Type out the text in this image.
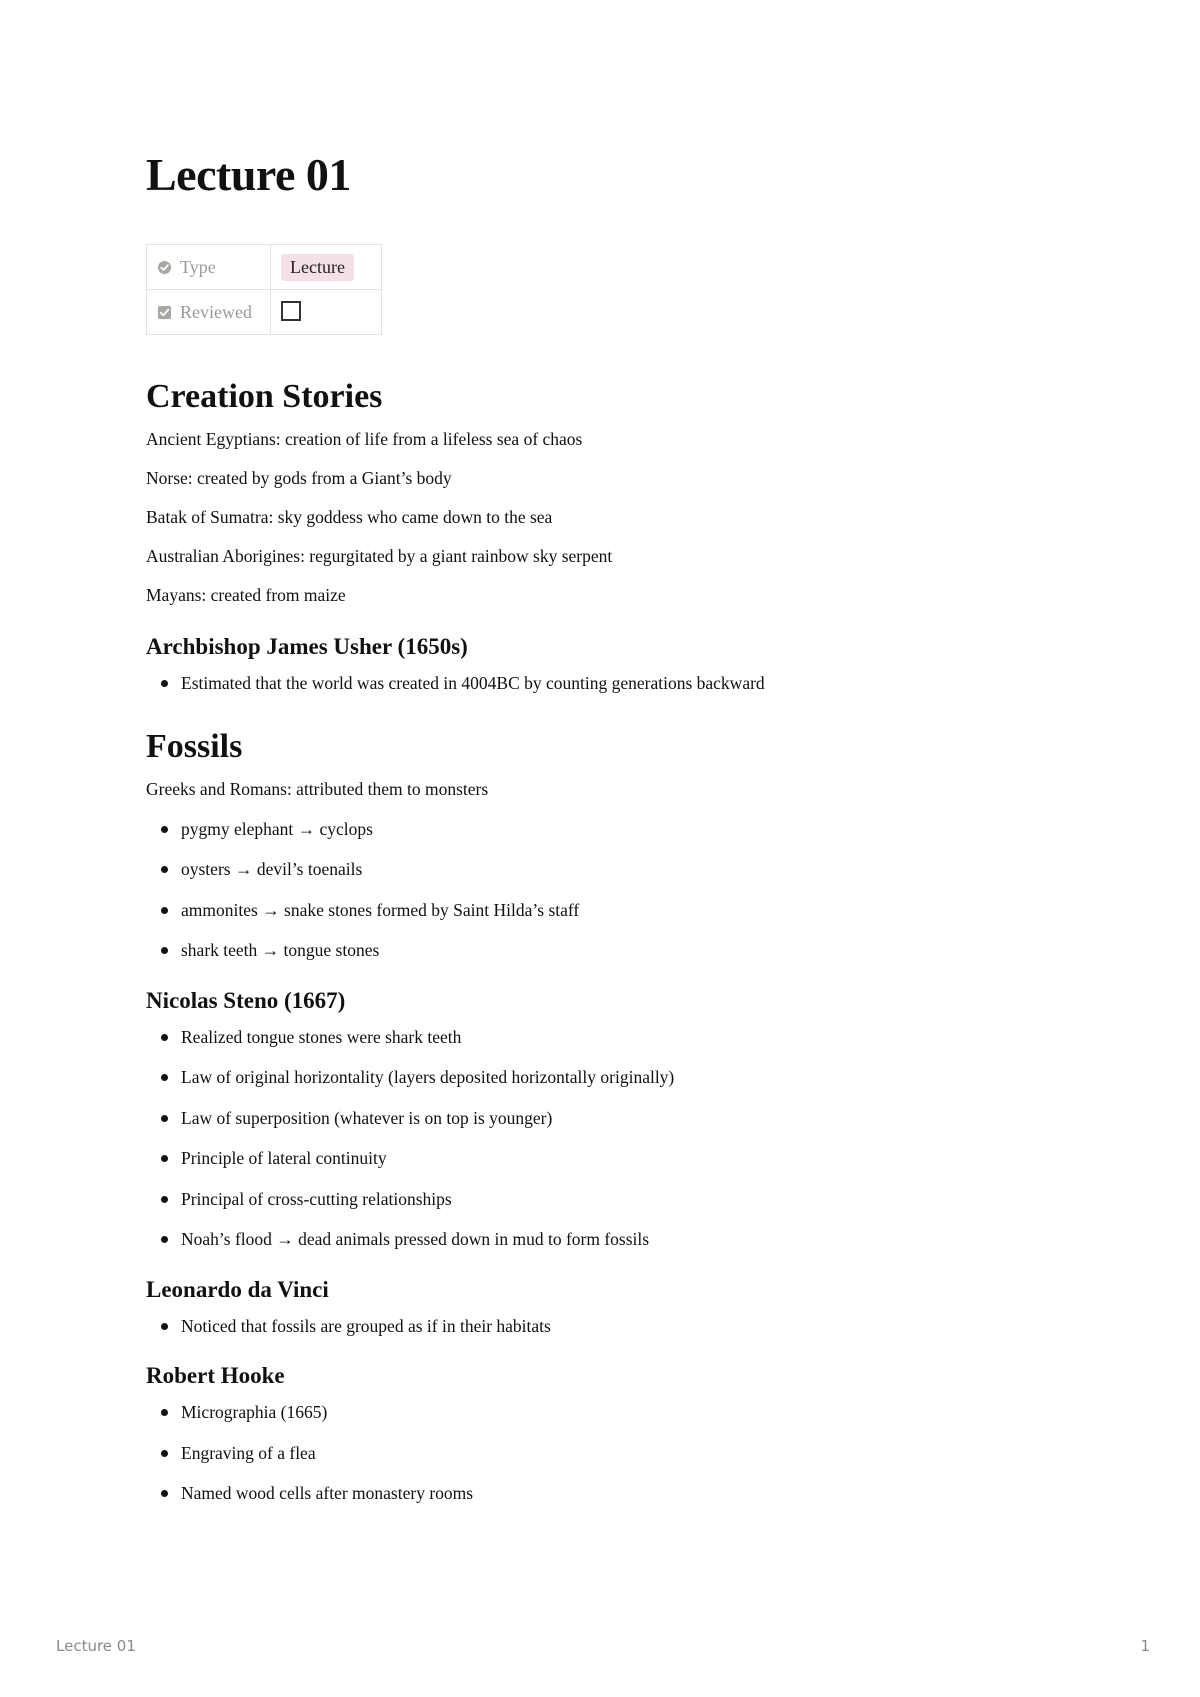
Lecture 01
Type	Lecture
Reviewed	
Creation Stories

Ancient Egyptians: creation of life from a lifeless sea of chaos

Norse: created by gods from a Giant’s body

Batak of Sumatra: sky goddess who came down to the sea

Australian Aborigines: regurgitated by a giant rainbow sky serpent

Mayans: created from maize

Archbishop James Usher (1650s)
Estimated that the world was created in 4004BC by counting generations backward
Fossils

Greeks and Romans: attributed them to monsters

pygmy elephant → cyclops
oysters → devil’s toenails
ammonites → snake stones formed by Saint Hilda’s staff
shark teeth → tongue stones
Nicolas Steno (1667)
Realized tongue stones were shark teeth
Law of original horizontality (layers deposited horizontally originally)
Law of superposition (whatever is on top is younger)
Principle of lateral continuity
Principal of cross-cutting relationships
Noah’s flood → dead animals pressed down in mud to form fossils
Leonardo da Vinci
Noticed that fossils are grouped as if in their habitats
Robert Hooke
Micrographia (1665)
Engraving of a flea
Named wood cells after monastery rooms
Lecture 01	1
